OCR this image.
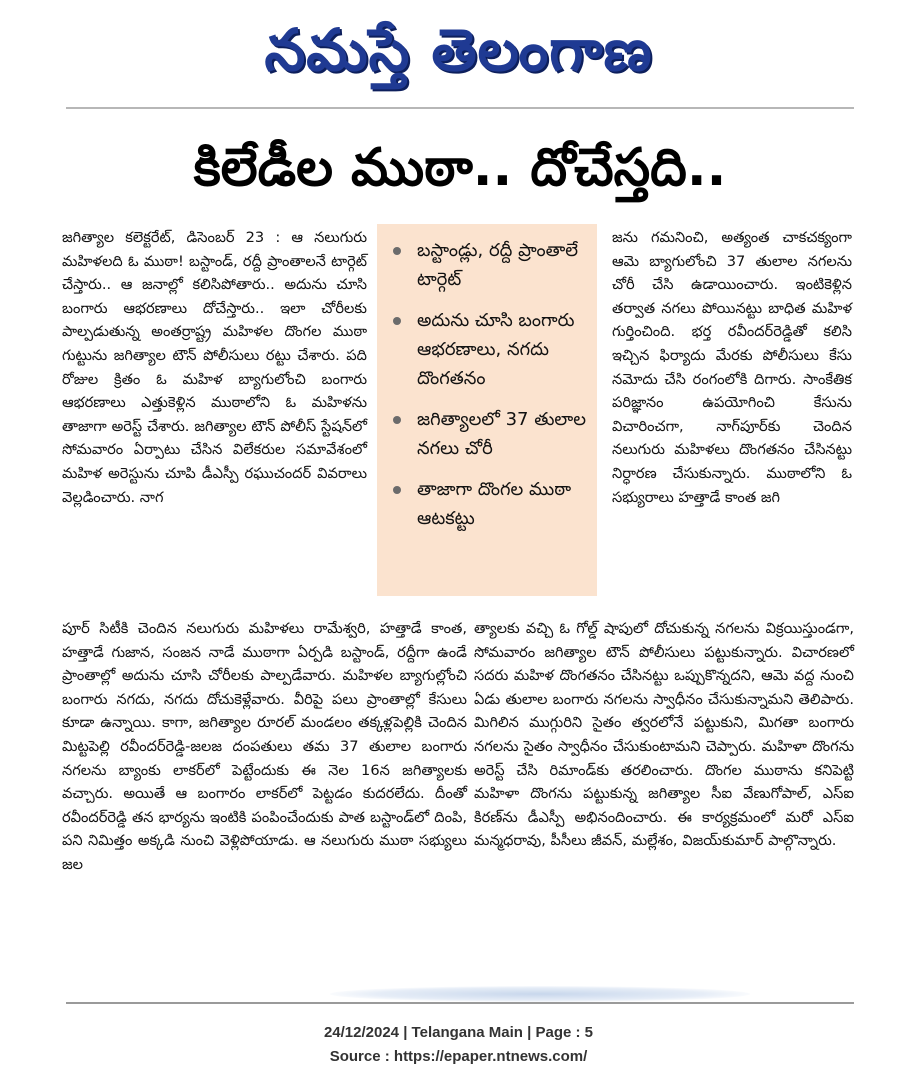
నమస్తే తెలంగాణ
కిలేడీల ముఠా.. దోచేస్తది..

జగిత్యాల కలెక్టరేట్, డిసెంబర్ 23 : ఆ నలుగురు మహిళలది ఓ ముఠా! బస్టాండ్, రద్దీ ప్రాంతాలనే టార్గెట్ చేస్తారు.. ఆ జనాల్లో కలిసిపోతారు.. అదును చూసి బంగారు ఆభరణాలు దోచేస్తారు.. ఇలా చోరీలకు పాల్పడుతున్న అంతర్రాష్ట్ర మహిళల దొంగల ముఠా గుట్టును జగిత్యాల టౌన్ పోలీసులు రట్టు చేశారు. పది రోజుల క్రితం ఓ మహిళ బ్యాగులోంచి బంగారు ఆభరణాలు ఎత్తుకెళ్లిన ముఠాలోని ఓ మహిళను తాజాగా అరెస్ట్ చేశారు. జగిత్యాల టౌన్ పోలీస్ స్టేషన్‌లో సోమవారం ఏర్పాటు చేసిన విలేకరుల సమావేశంలో మహిళ అరెస్టును చూపి డీఎస్పీ రఘుచందర్ వివరాలు వెల్లడించారు. నాగ

బస్టాండ్లు, రద్దీ ప్రాంతాలే టార్గెట్
అదును చూసి బంగారు ఆభరణాలు, నగదు దొంగతనం
జగిత్యాలలో 37 తులాల నగలు చోరీ
తాజాగా దొంగల ముఠా ఆటకట్టు

జను గమనించి, అత్యంత చాకచక్యంగా ఆమె బ్యాగులోంచి 37 తులాల నగలను చోరీ చేసి ఉడాయించారు. ఇంటికెళ్లిన తర్వాత నగలు పోయినట్టు బాధిత మహిళ గుర్తించింది. భర్త రవీందర్‌రెడ్డితో కలిసి ఇచ్చిన ఫిర్యాదు మేరకు పోలీసులు కేసు నమోదు చేసి రంగంలోకి దిగారు. సాంకేతిక పరిజ్ఞానం ఉపయోగించి కేసును విచారించగా, నాగ్‌పూర్‌కు చెందిన నలుగురు మహిళలు దొంగతనం చేసినట్టు నిర్ధారణ చేసుకున్నారు. ముఠాలోని ఓ సభ్యురాలు హత్తాడే కాంత జగి

పూర్ సిటీకి చెందిన నలుగురు మహిళలు రామేశ్వరి, హత్తాడే కాంత, హత్తాడే గుజాన, సంజన నాడే ముఠాగా ఏర్పడి బస్టాండ్, రద్దీగా ఉండే ప్రాంతాల్లో అదును చూసి చోరీలకు పాల్పడేవారు. మహిళల బ్యాగుల్లోంచి బంగారు నగదు, నగదు దోచుకెళ్లేవారు. వీరిపై పలు ప్రాంతాల్లో కేసులు కూడా ఉన్నాయి. కాగా, జగిత్యాల రూరల్ మండలం తక్కళ్లపెల్లికి చెందిన మిట్టపెల్లి రవీందర్‌రెడ్డి-జలజ దంపతులు తమ 37 తులాల బంగారు నగలను బ్యాంకు లాకర్‌లో పెట్టేందుకు ఈ నెల 16న జగిత్యాలకు వచ్చారు. అయితే ఆ బంగారం లాకర్‌లో పెట్టడం కుదరలేదు. దీంతో రవీందర్‌రెడ్డి తన భార్యను ఇంటికి పంపించేందుకు పాత బస్టాండ్‌లో దింపి, పని నిమిత్తం అక్కడి నుంచి వెళ్లిపోయాడు. ఆ నలుగురు ముఠా సభ్యులు జల

త్యాలకు వచ్చి ఓ గోల్డ్ షాపులో దోచుకున్న నగలను విక్రయిస్తుండగా, సోమవారం జగిత్యాల టౌన్ పోలీసులు పట్టుకున్నారు. విచారణలో సదరు మహిళ దొంగతనం చేసినట్టు ఒప్పుకొన్నదని, ఆమె వద్ద నుంచి ఏడు తులాల బంగారు నగలను స్వాధీనం చేసుకున్నామని తెలిపారు. మిగిలిన ముగ్గురిని సైతం త్వరలోనే పట్టుకుని, మిగతా బంగారు నగలను సైతం స్వాధీనం చేసుకుంటామని చెప్పారు. మహిళా దొంగను అరెస్ట్ చేసి రిమాండ్‌కు తరలించారు. దొంగల ముఠాను కనిపెట్టి మహిళా దొంగను పట్టుకున్న జగిత్యాల సీఐ వేణుగోపాల్, ఎస్ఐ కిరణ్‌ను డీఎస్పీ అభినందించారు. ఈ కార్యక్రమంలో మరో ఎస్ఐ మన్మధరావు, పీసీలు జీవన్, మల్లేశం, విజయ్‌కుమార్ పాల్గొన్నారు.

24/12/2024 | Telangana Main | Page : 5
Source : https://epaper.ntnews.com/
